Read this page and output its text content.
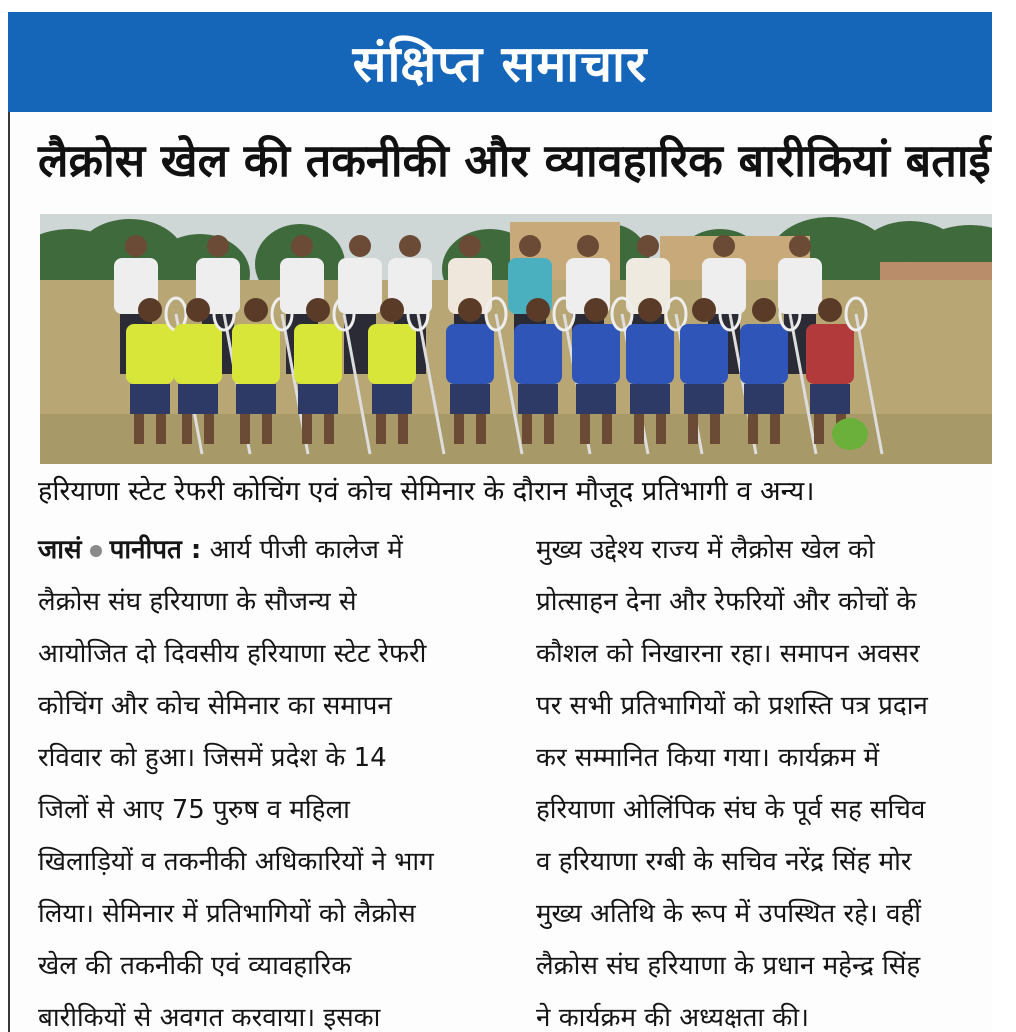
संक्षिप्त समाचार
लैक्रोस खेल की तकनीकी और व्यावहारिक बारीकियां बताई
हरियाणा स्टेट रेफरी कोचिंग एवं कोच सेमिनार के दौरान मौजूद प्रतिभागी व अन्य।
जासं पानीपत : आर्य पीजी कालेज में
लैक्रोस संघ हरियाणा के सौजन्य से
आयोजित दो दिवसीय हरियाणा स्टेट रेफरी
कोचिंग और कोच सेमिनार का समापन
रविवार को हुआ। जिसमें प्रदेश के 14
जिलों से आए 75 पुरुष व महिला
खिलाड़ियों व तकनीकी अधिकारियों ने भाग
लिया। सेमिनार में प्रतिभागियों को लैक्रोस
खेल की तकनीकी एवं व्यावहारिक
बारीकियों से अवगत करवाया। इसका
मुख्य उद्देश्य राज्य में लैक्रोस खेल को
प्रोत्साहन देना और रेफरियों और कोचों के
कौशल को निखारना रहा। समापन अवसर
पर सभी प्रतिभागियों को प्रशस्ति पत्र प्रदान
कर सम्मानित किया गया। कार्यक्रम में
हरियाणा ओलिंपिक संघ के पूर्व सह सचिव
व हरियाणा रग्बी के सचिव नरेंद्र सिंह मोर
मुख्य अतिथि के रूप में उपस्थित रहे। वहीं
लैक्रोस संघ हरियाणा के प्रधान महेन्द्र सिंह
ने कार्यक्रम की अध्यक्षता की।
